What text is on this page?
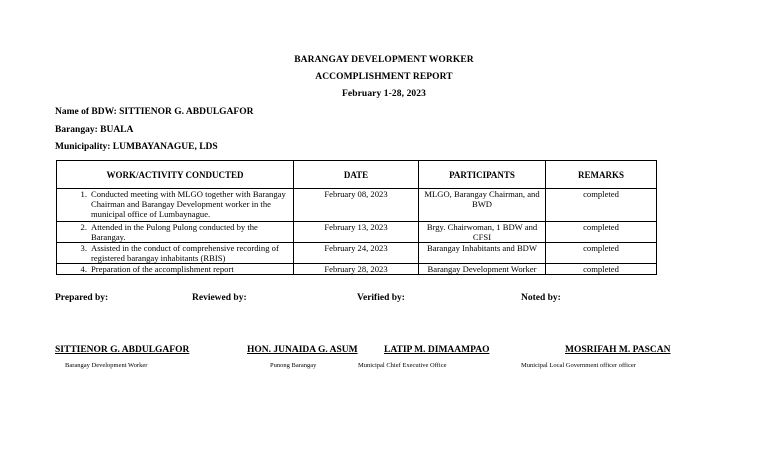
BARANGAY DEVELOPMENT WORKER
ACCOMPLISHMENT REPORT
February 1-28, 2023
Name of BDW: SITTIENOR G. ABDULGAFOR
Barangay: BUALA
Municipality: LUMBAYANAGUE, LDS
WORK/ACTIVITY CONDUCTED	DATE	PARTICIPANTS	REMARKS

1. Conducted meeting with MLGO together with Barangay Chairman and Barangay Development worker in the municipal office of Lumbaynague.	February 08, 2023	MLGO, Barangay Chairman, and BWD	completed

2. Attended in the Pulong Pulong conducted by the Barangay.	February 13, 2023	Brgy. Chairwoman, 1 BDW and CFSI	completed

3. Assisted in the conduct of comprehensive recording of registered barangay inhabitants (RBIS)	February 24, 2023	Barangay Inhabitants and BDW	completed

4. Preparation of the accomplishment report	February 28, 2023	Barangay Development Worker	completed
Prepared by:	Reviewed by:	Verified by:	Noted by:
SITTIENOR G. ABDULGAFOR	HON. JUNAIDA G. ASUM	LATIP M. DIMAAMPAO	MOSRIFAH M. PASCAN
Barangay Development Worker	Punong Barangay	Municipal Chief Executive Office	Municipal Local Government officer officer
